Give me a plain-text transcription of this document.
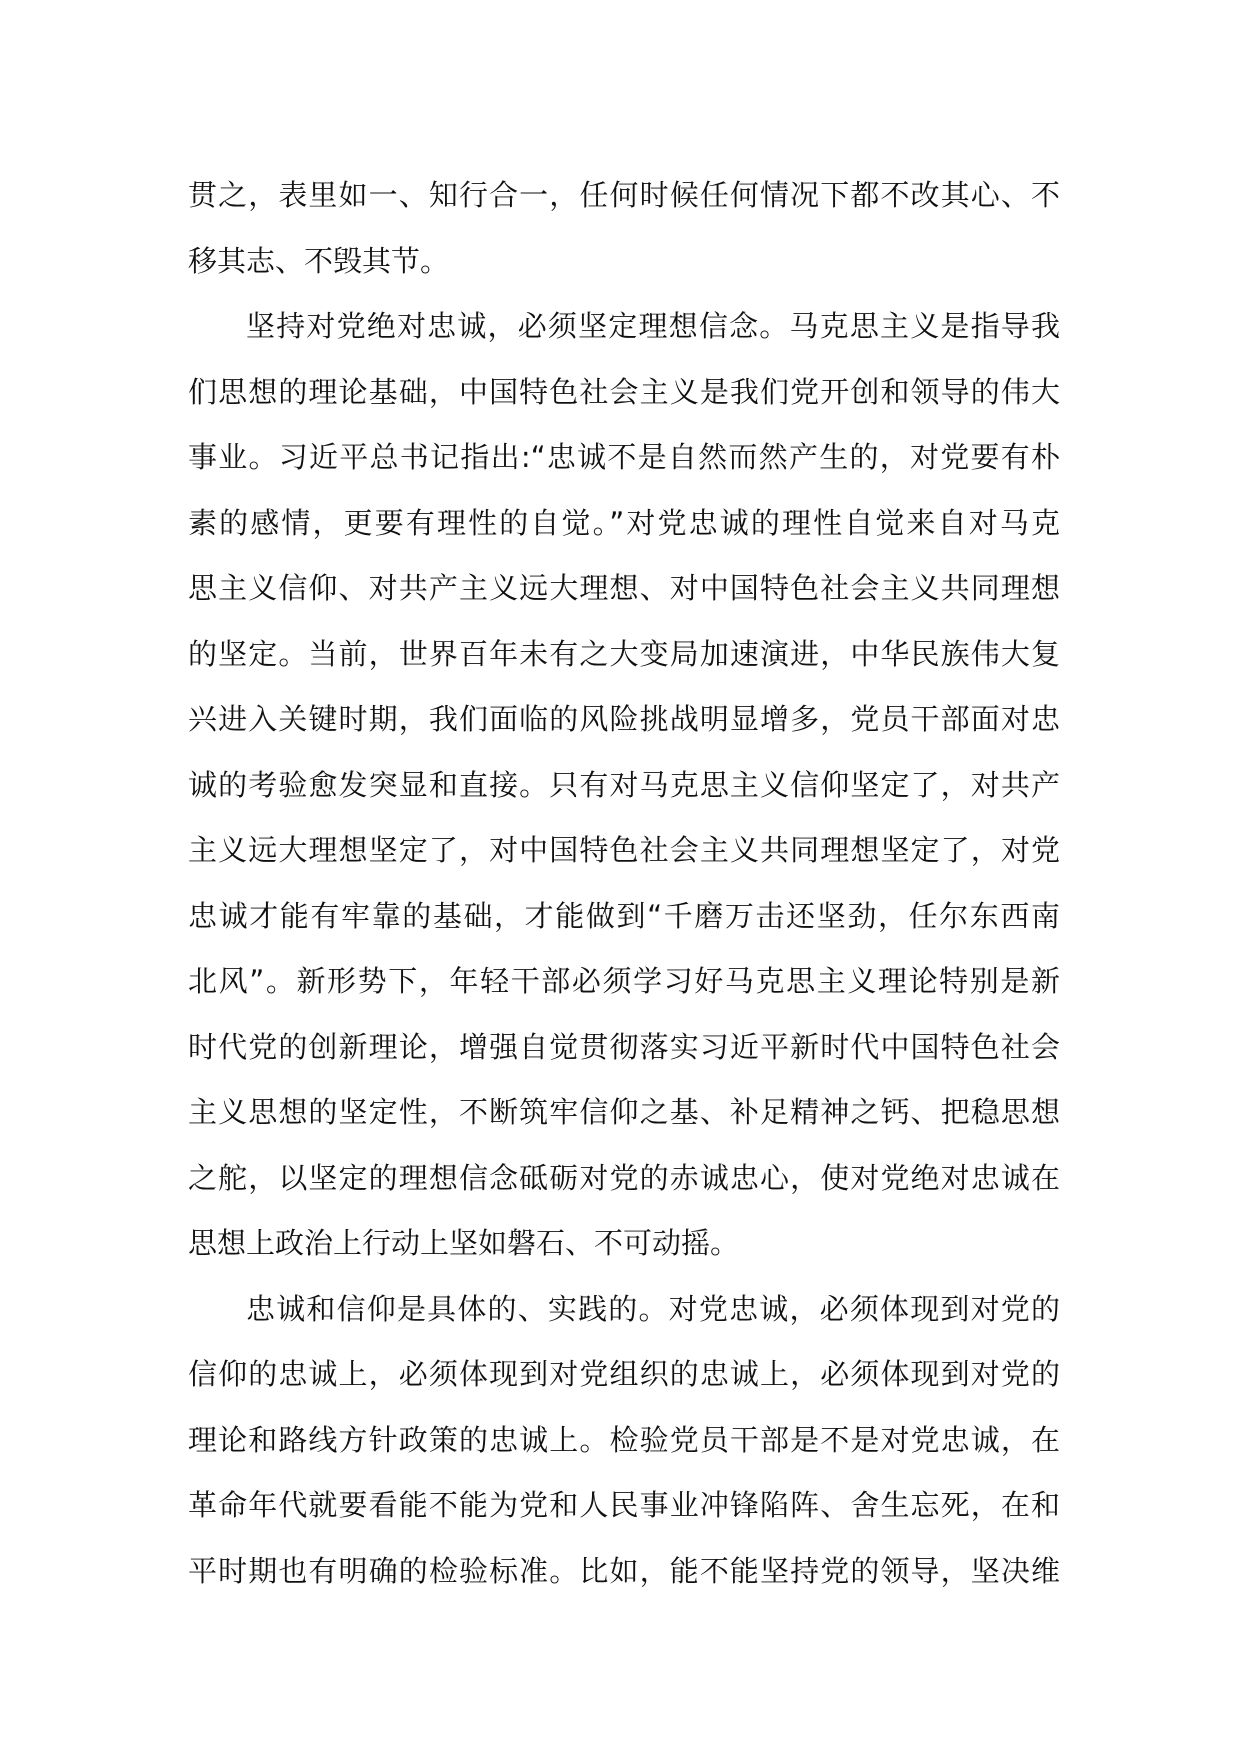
贯之，表里如一、知行合一，任何时候任何情况下都不改其心、不
移其志、不毁其节。
坚持对党绝对忠诚，必须坚定理想信念。马克思主义是指导我
们思想的理论基础，中国特色社会主义是我们党开创和领导的伟大
事业。习近平总书记指出:“忠诚不是自然而然产生的，对党要有朴
素的感情，更要有理性的自觉。”对党忠诚的理性自觉来自对马克
思主义信仰、对共产主义远大理想、对中国特色社会主义共同理想
的坚定。当前，世界百年未有之大变局加速演进，中华民族伟大复
兴进入关键时期，我们面临的风险挑战明显增多，党员干部面对忠
诚的考验愈发突显和直接。只有对马克思主义信仰坚定了，对共产
主义远大理想坚定了，对中国特色社会主义共同理想坚定了，对党
忠诚才能有牢靠的基础，才能做到“千磨万击还坚劲，任尔东西南
北风”。新形势下，年轻干部必须学习好马克思主义理论特别是新
时代党的创新理论，增强自觉贯彻落实习近平新时代中国特色社会
主义思想的坚定性，不断筑牢信仰之基、补足精神之钙、把稳思想
之舵，以坚定的理想信念砥砺对党的赤诚忠心，使对党绝对忠诚在
思想上政治上行动上坚如磐石、不可动摇。
忠诚和信仰是具体的、实践的。对党忠诚，必须体现到对党的
信仰的忠诚上，必须体现到对党组织的忠诚上，必须体现到对党的
理论和路线方针政策的忠诚上。检验党员干部是不是对党忠诚，在
革命年代就要看能不能为党和人民事业冲锋陷阵、舍生忘死，在和
平时期也有明确的检验标准。比如，能不能坚持党的领导，坚决维
